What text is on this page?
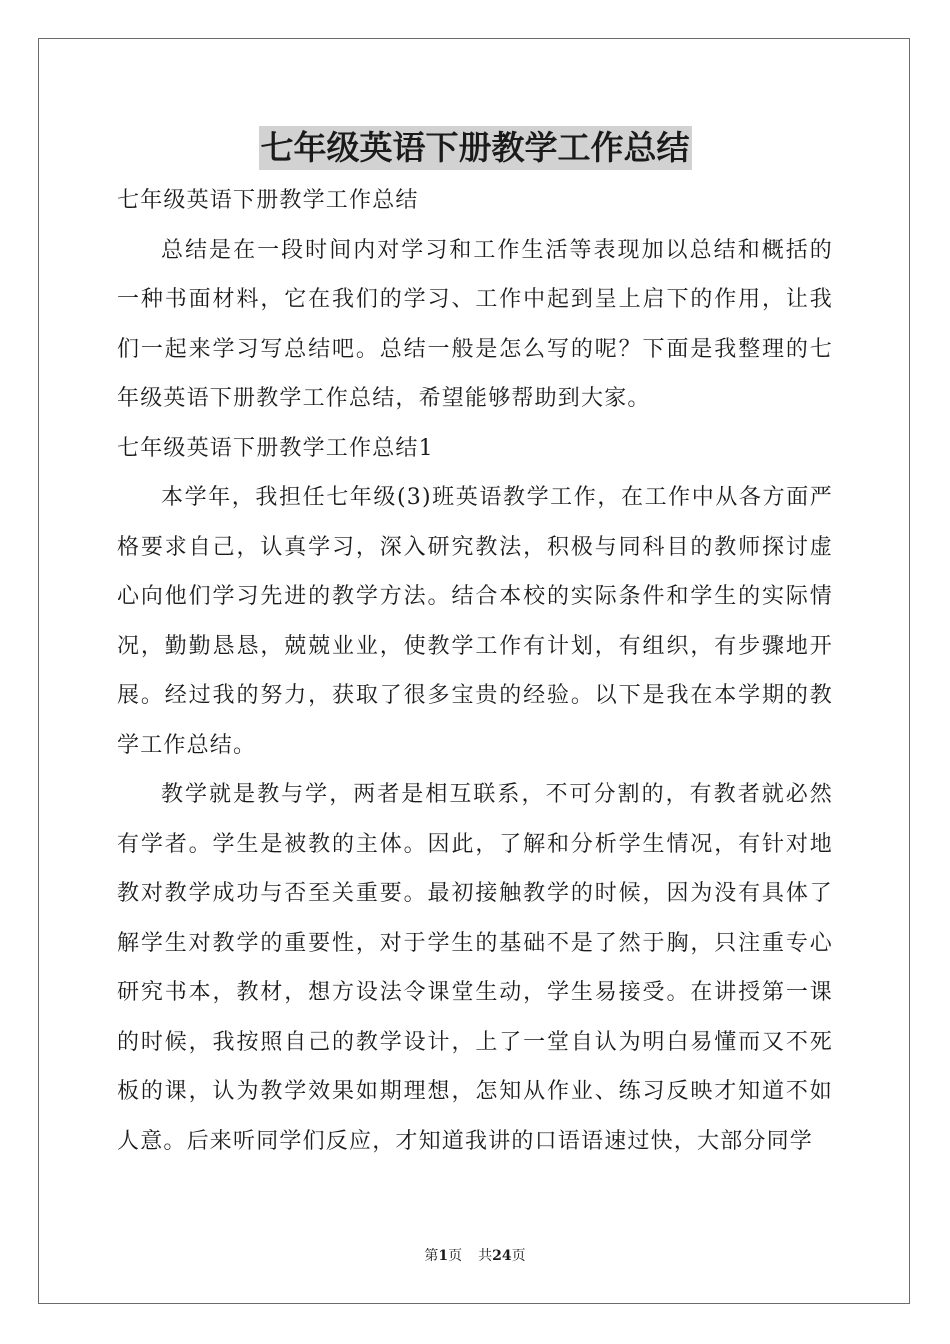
七年级英语下册教学工作总结

七年级英语下册教学工作总结

总结是在一段时间内对学习和工作生活等表现加以总结和概括的一种书面材料，它在我们的学习、工作中起到呈上启下的作用，让我们一起来学习写总结吧。总结一般是怎么写的呢？下面是我整理的七年级英语下册教学工作总结，希望能够帮助到大家。

七年级英语下册教学工作总结1

本学年，我担任七年级(3)班英语教学工作，在工作中从各方面严格要求自己，认真学习，深入研究教法，积极与同科目的教师探讨虚心向他们学习先进的教学方法。结合本校的实际条件和学生的实际情况，勤勤恳恳，兢兢业业，使教学工作有计划，有组织，有步骤地开展。经过我的努力，获取了很多宝贵的经验。以下是我在本学期的教学工作总结。

教学就是教与学，两者是相互联系，不可分割的，有教者就必然有学者。学生是被教的主体。因此，了解和分析学生情况，有针对地教对教学成功与否至关重要。最初接触教学的时候，因为没有具体了解学生对教学的重要性，对于学生的基础不是了然于胸，只注重专心研究书本，教材，想方设法令课堂生动，学生易接受。在讲授第一课的时候，我按照自己的教学设计，上了一堂自认为明白易懂而又不死板的课，认为教学效果如期理想，怎知从作业、练习反映才知道不如人意。后来听同学们反应，才知道我讲的口语语速过快，大部分同学

第1页 共24页
